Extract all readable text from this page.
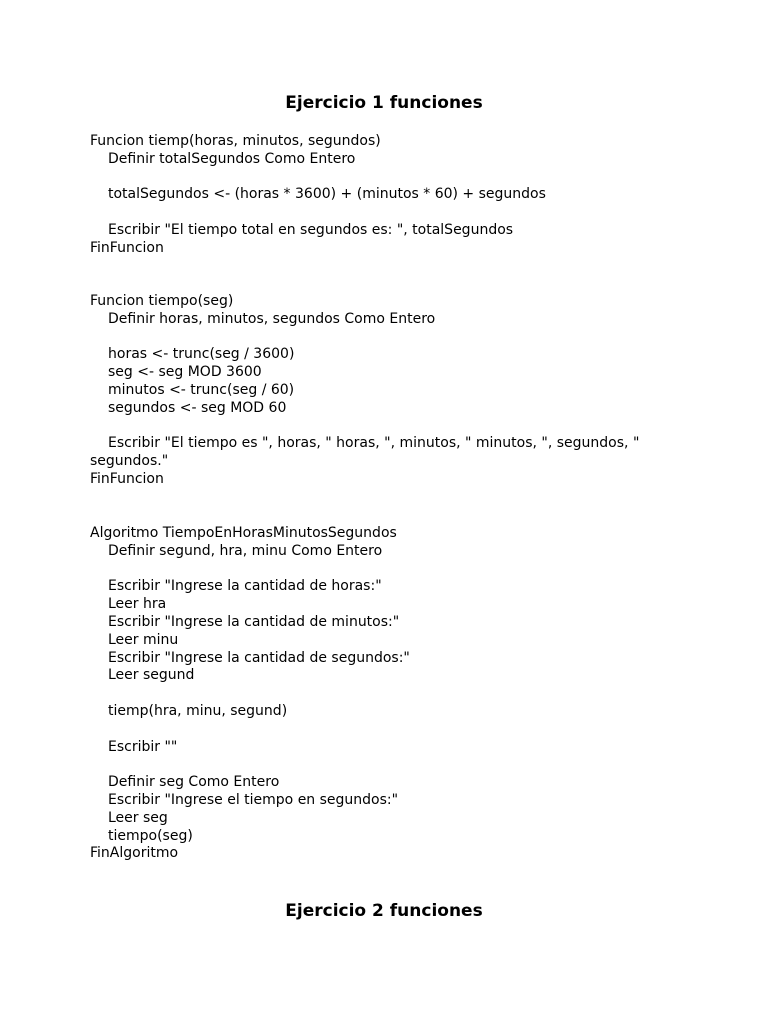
Ejercicio 1 funciones
Funcion tiemp(horas, minutos, segundos)
Definir totalSegundos Como Entero
totalSegundos <- (horas * 3600) + (minutos * 60) + segundos
Escribir "El tiempo total en segundos es: ", totalSegundos
FinFuncion
Funcion tiempo(seg)
Definir horas, minutos, segundos Como Entero
horas <- trunc(seg / 3600)
seg <- seg MOD 3600
minutos <- trunc(seg / 60)
segundos <- seg MOD 60
Escribir "El tiempo es ", horas, " horas, ", minutos, " minutos, ", segundos, "
segundos."
FinFuncion
Algoritmo TiempoEnHorasMinutosSegundos
Definir segund, hra, minu Como Entero
Escribir "Ingrese la cantidad de horas:"
Leer hra
Escribir "Ingrese la cantidad de minutos:"
Leer minu
Escribir "Ingrese la cantidad de segundos:"
Leer segund
tiemp(hra, minu, segund)
Escribir ""
Definir seg Como Entero
Escribir "Ingrese el tiempo en segundos:"
Leer seg
tiempo(seg)
FinAlgoritmo
Ejercicio 2 funciones
